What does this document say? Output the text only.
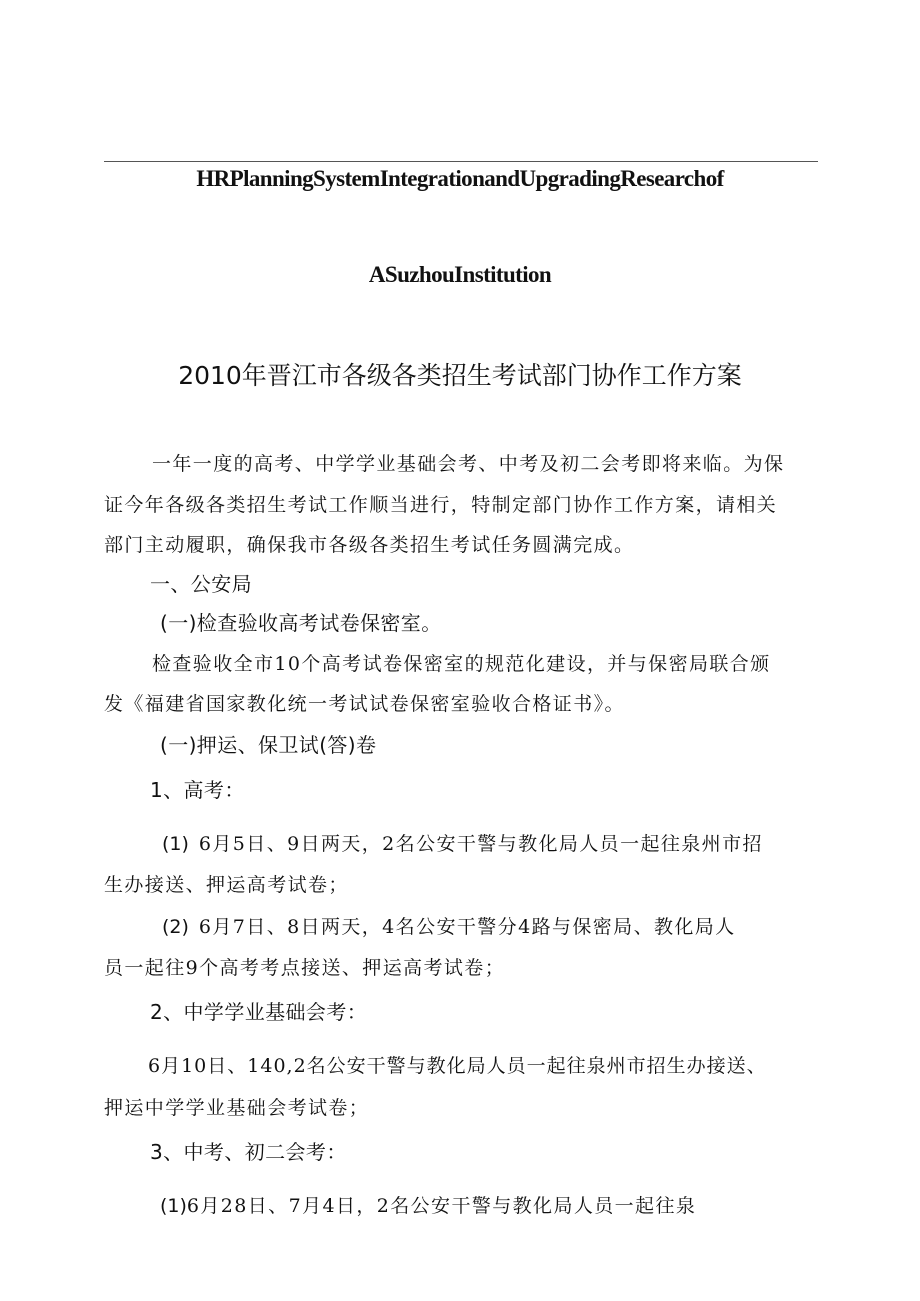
HRPlanningSystemIntegrationandUpgradingResearchof
ASuzhouInstitution
2010年晋江市各级各类招生考试部门协作工作方案
一年一度的高考、中学学业基础会考、中考及初二会考即将来临。为保
证今年各级各类招生考试工作顺当进行，特制定部门协作工作方案，请相关
部门主动履职，确保我市各级各类招生考试任务圆满完成。
一、公安局
(一)检查验收高考试卷保密室。
检查验收全市10个高考试卷保密室的规范化建设，并与保密局联合颁
发《福建省国家教化统一考试试卷保密室验收合格证书》。
(一)押运、保卫试(答)卷
1、高考：
(1) 6月5日、9日两天，2名公安干警与教化局人员一起往泉州市招
生办接送、押运高考试卷；
(2) 6月7日、8日两天，4名公安干警分4路与保密局、教化局人
员一起往9个高考考点接送、押运高考试卷；
2、中学学业基础会考：
6月10日、140,2名公安干警与教化局人员一起往泉州市招生办接送、
押运中学学业基础会考试卷；
3、中考、初二会考：
(1)6月28日、7月4日，2名公安干警与教化局人员一起往泉
